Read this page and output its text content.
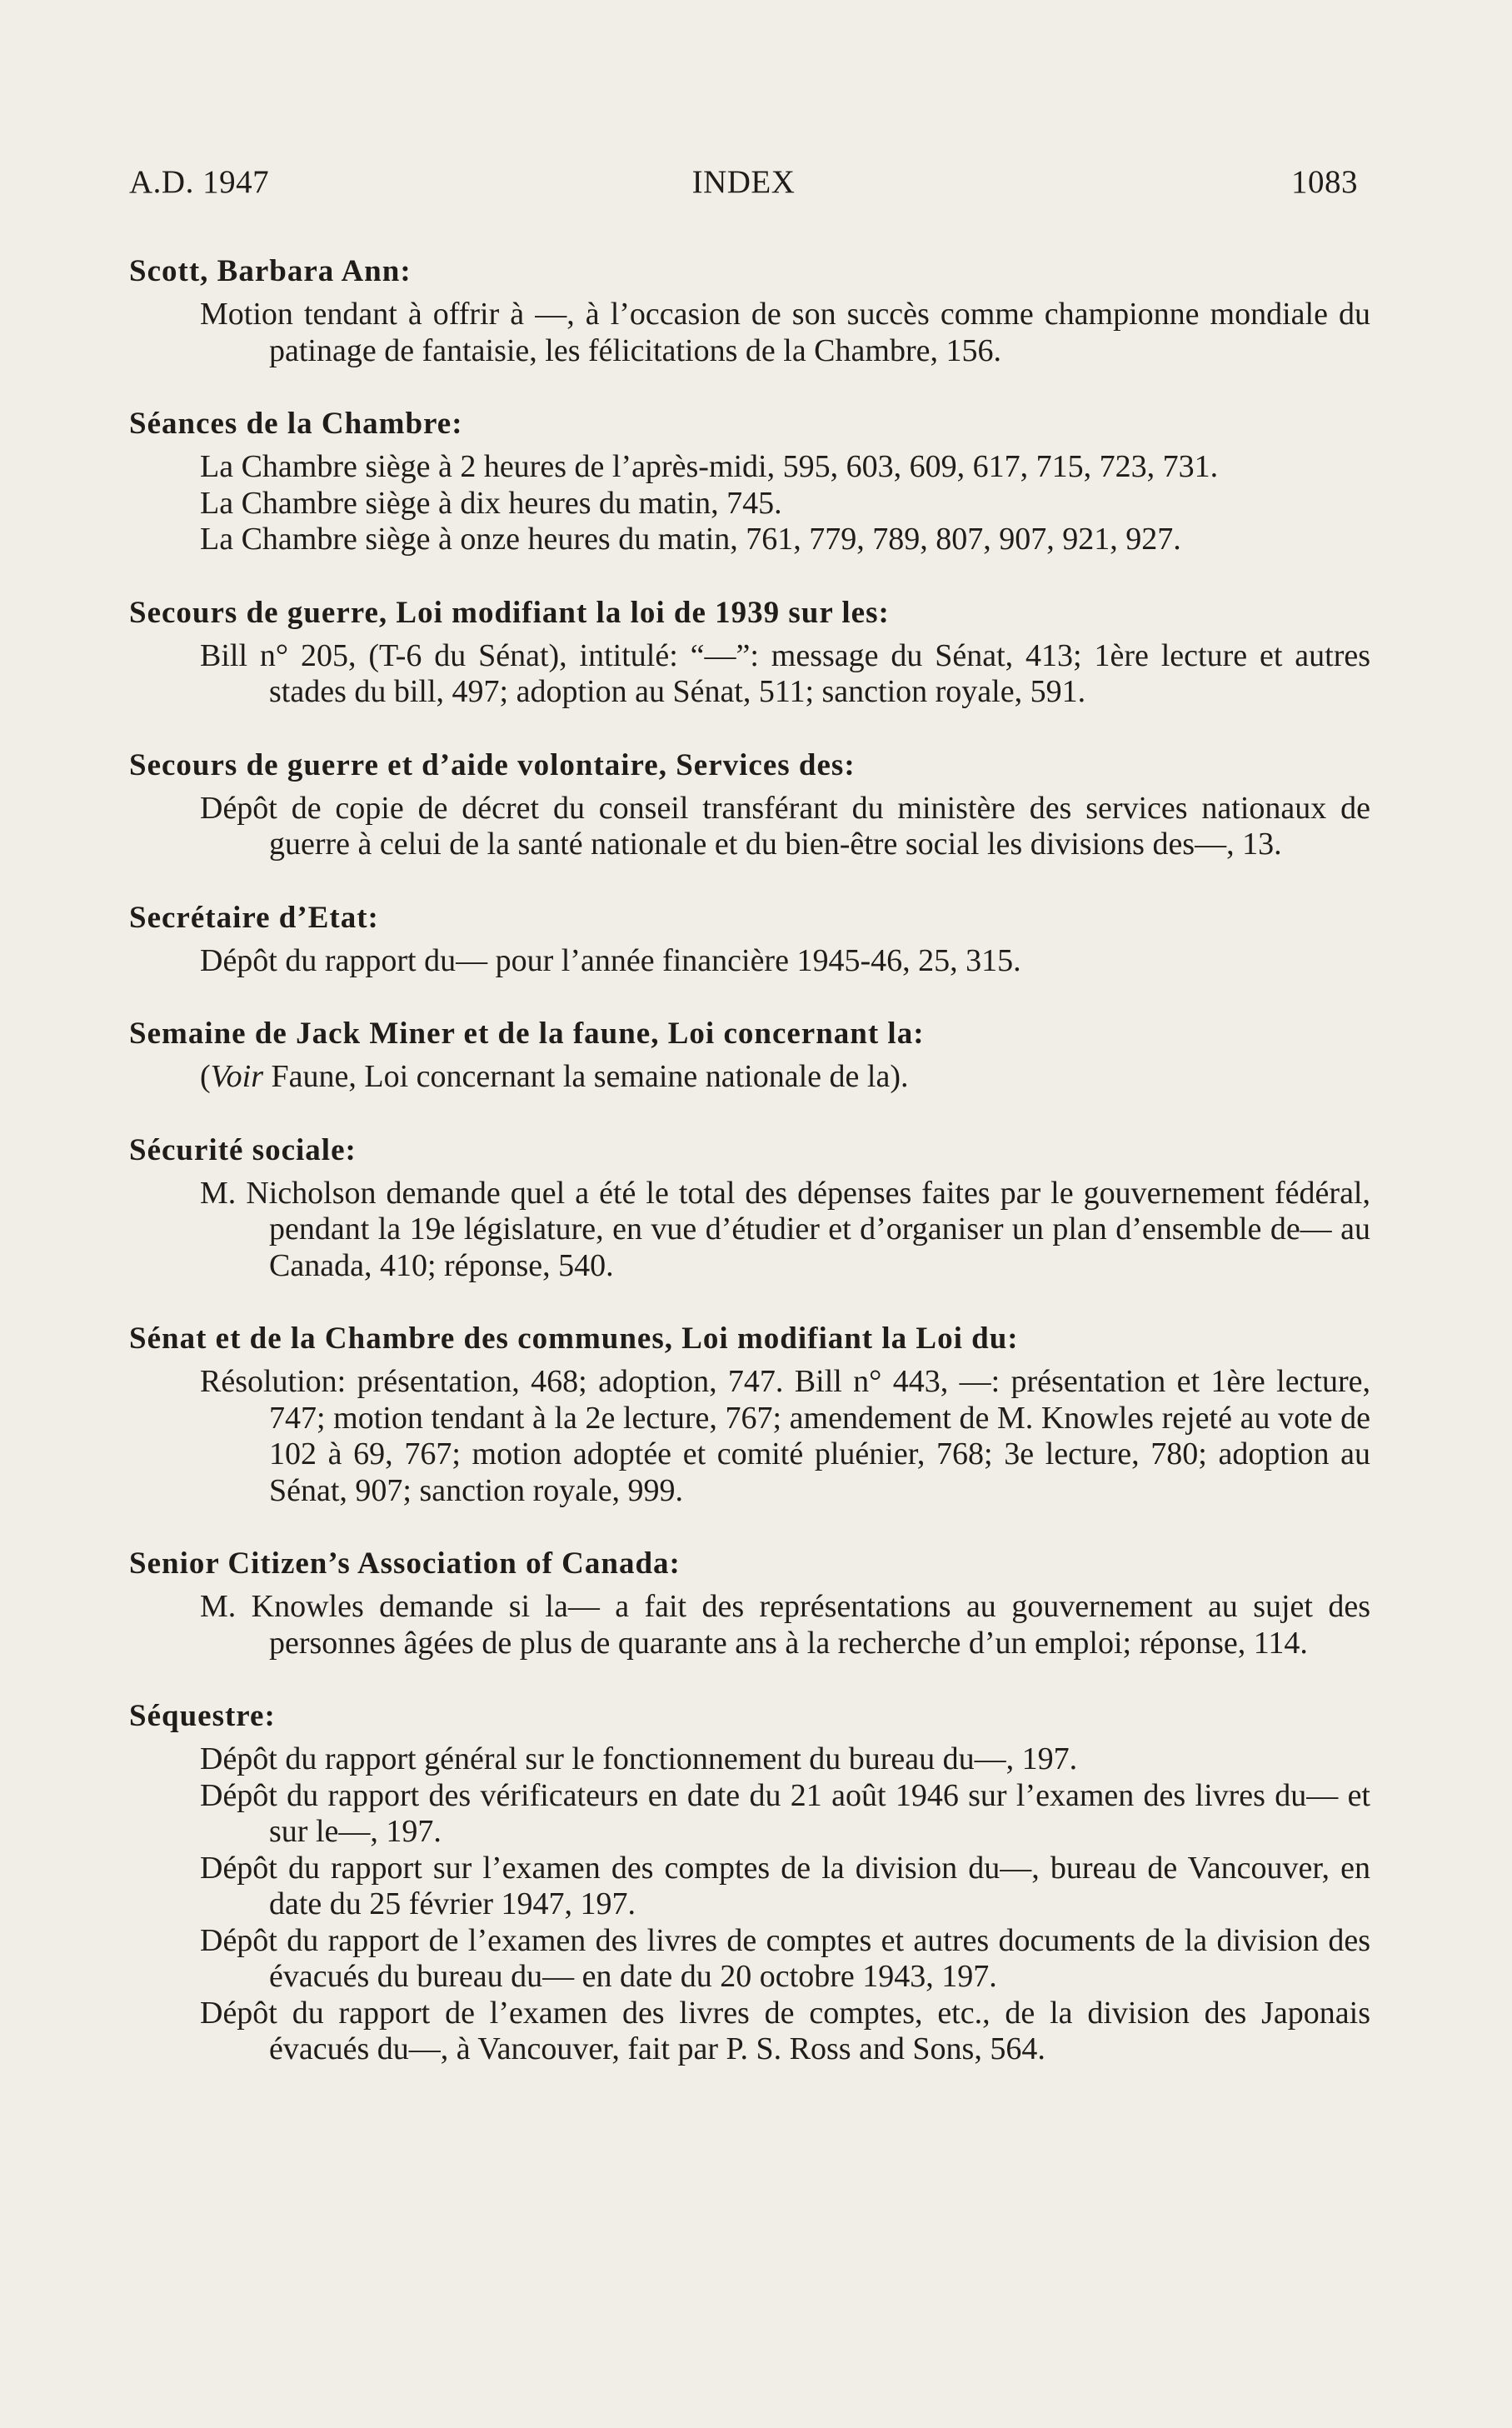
A.D. 1947	INDEX	1083
Scott, Barbara Ann:

Motion tendant à offrir à —, à l’occasion de son succès comme championne mondiale du patinage de fantaisie, les félicitations de la Chambre, 156.

Séances de la Chambre:

La Chambre siège à 2 heures de l’après-midi, 595, 603, 609, 617, 715, 723, 731.

La Chambre siège à dix heures du matin, 745.

La Chambre siège à onze heures du matin, 761, 779, 789, 807, 907, 921, 927.

Secours de guerre, Loi modifiant la loi de 1939 sur les:

Bill n° 205, (T-6 du Sénat), intitulé: “—”: message du Sénat, 413; 1ère lecture et autres stades du bill, 497; adoption au Sénat, 511; sanction royale, 591.

Secours de guerre et d’aide volontaire, Services des:

Dépôt de copie de décret du conseil transférant du ministère des services nationaux de guerre à celui de la santé nationale et du bien-être social les divisions des—, 13.

Secrétaire d’Etat:

Dépôt du rapport du— pour l’année financière 1945-46, 25, 315.

Semaine de Jack Miner et de la faune, Loi concernant la:

(Voir Faune, Loi concernant la semaine nationale de la).

Sécurité sociale:

M. Nicholson demande quel a été le total des dépenses faites par le gouvernement fédéral, pendant la 19e législature, en vue d’étudier et d’organiser un plan d’ensemble de— au Canada, 410; réponse, 540.

Sénat et de la Chambre des communes, Loi modifiant la Loi du:

Résolution: présentation, 468; adoption, 747. Bill n° 443, —: présentation et 1ère lecture, 747; motion tendant à la 2e lecture, 767; amendement de M. Knowles rejeté au vote de 102 à 69, 767; motion adoptée et comité pluénier, 768; 3e lecture, 780; adoption au Sénat, 907; sanction royale, 999.

Senior Citizen’s Association of Canada:

M. Knowles demande si la— a fait des représentations au gouvernement au sujet des personnes âgées de plus de quarante ans à la recherche d’un emploi; réponse, 114.

Séquestre:

Dépôt du rapport général sur le fonctionnement du bureau du—, 197.

Dépôt du rapport des vérificateurs en date du 21 août 1946 sur l’examen des livres du— et sur le—, 197.

Dépôt du rapport sur l’examen des comptes de la division du—, bureau de Vancouver, en date du 25 février 1947, 197.

Dépôt du rapport de l’examen des livres de comptes et autres documents de la division des évacués du bureau du— en date du 20 octobre 1943, 197.

Dépôt du rapport de l’examen des livres de comptes, etc., de la division des Japonais évacués du—, à Vancouver, fait par P. S. Ross and Sons, 564.
